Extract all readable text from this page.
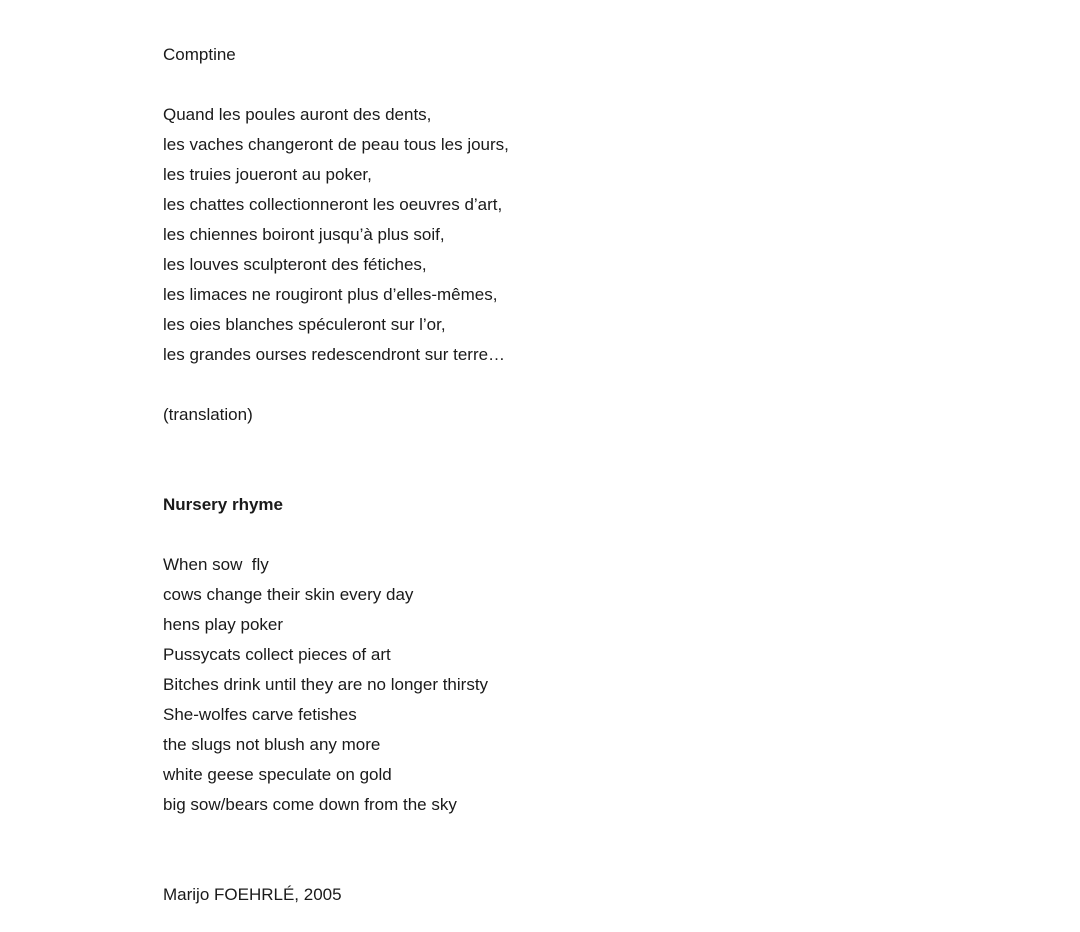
Comptine
Quand les poules auront des dents,
les vaches changeront de peau tous les jours,
les truies joueront au poker,
les chattes collectionneront les oeuvres d’art,
les chiennes boiront jusqu’à plus soif,
les louves sculpteront des fétiches,
les limaces ne rougiront plus d’elles-mêmes,
les oies blanches spéculeront sur l’or,
les grandes ourses redescendront sur terre…
(translation)
Nursery rhyme
When sow  fly
cows change their skin every day
hens play poker
Pussycats collect pieces of art
Bitches drink until they are no longer thirsty
She-wolfes carve fetishes
the slugs not blush any more
white geese speculate on gold
big sow/bears come down from the sky
Marijo FOEHRLÉ, 2005
